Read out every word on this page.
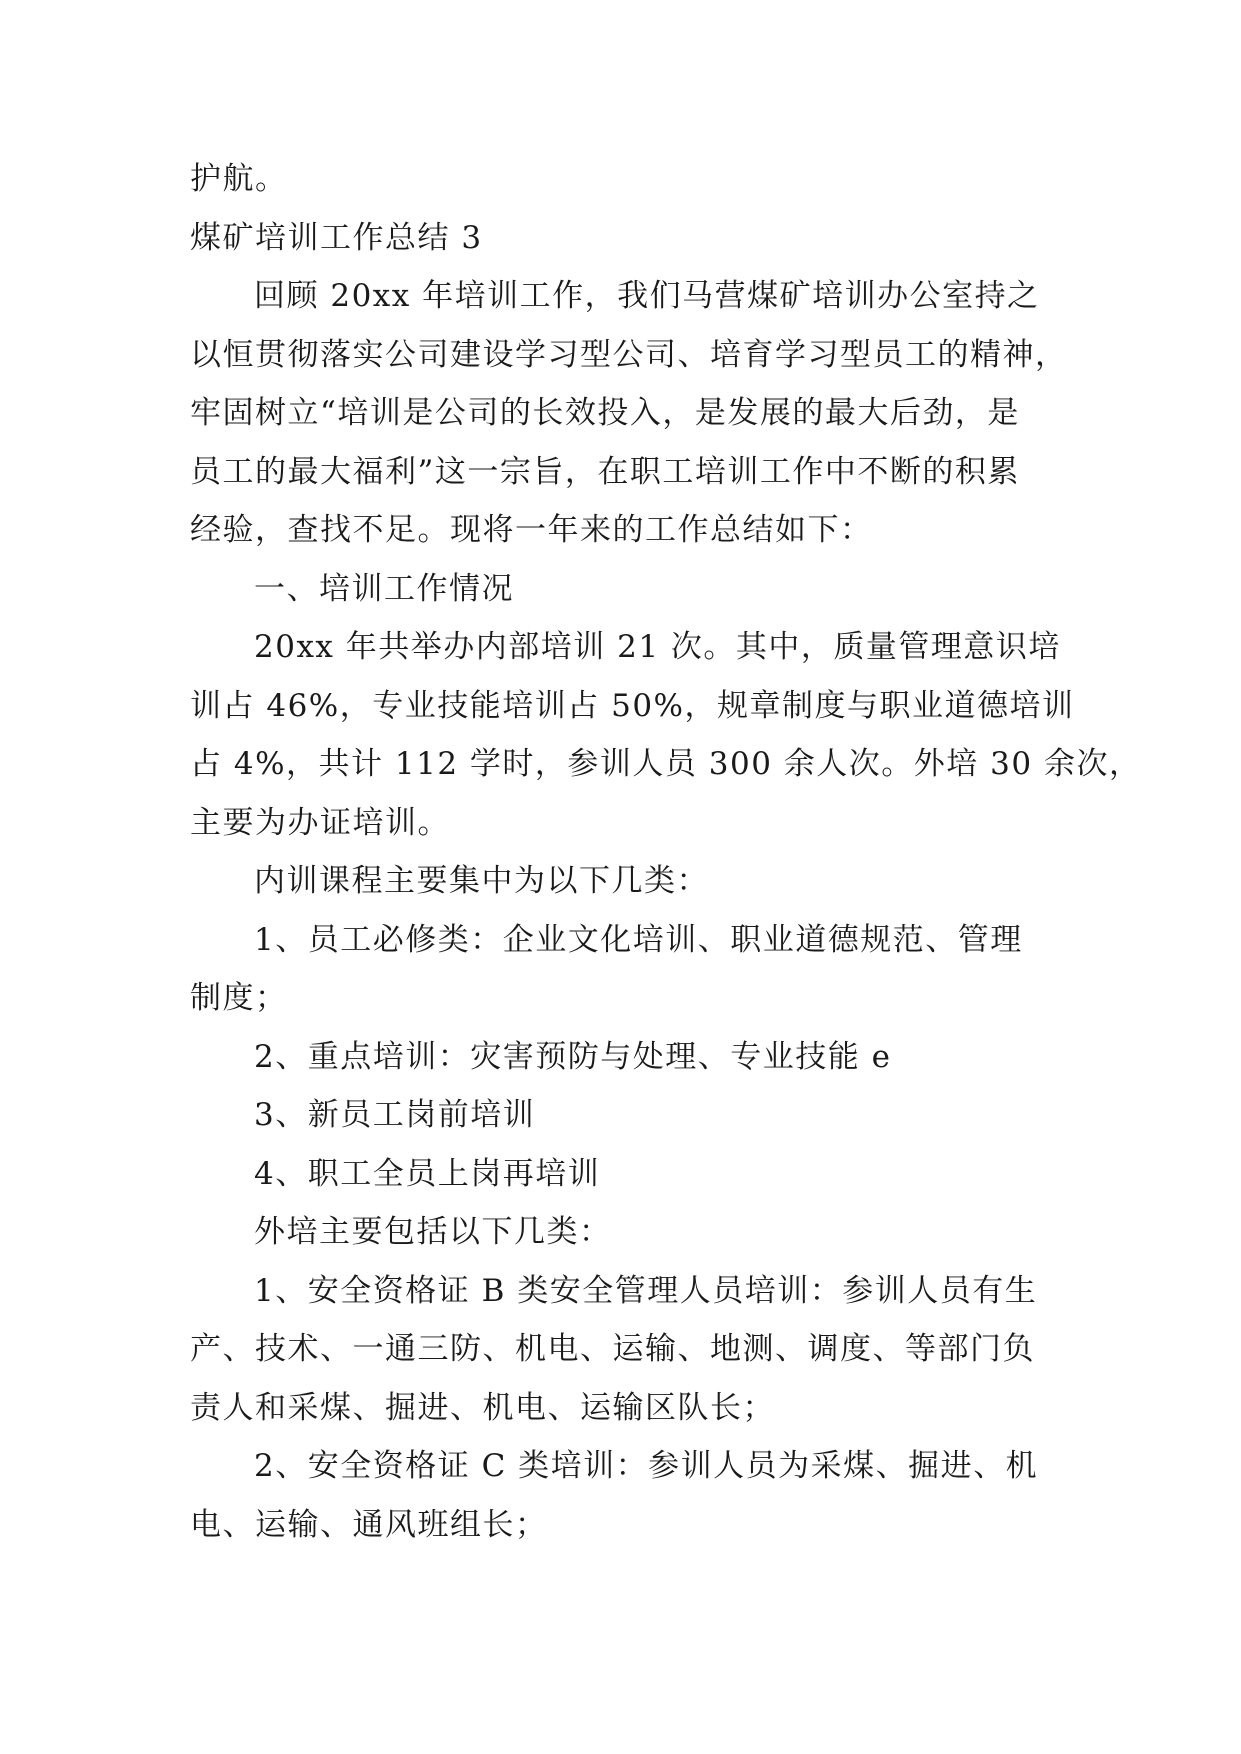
护航。

煤矿培训工作总结 3

回顾 20xx 年培训工作，我们马营煤矿培训办公室持之

以恒贯彻落实公司建设学习型公司、培育学习型员工的精神，

牢固树立“培训是公司的长效投入，是发展的最大后劲，是

员工的最大福利”这一宗旨，在职工培训工作中不断的积累

经验，查找不足。现将一年来的工作总结如下：

一、培训工作情况

20xx 年共举办内部培训 21 次。其中，质量管理意识培

训占 46%，专业技能培训占 50%，规章制度与职业道德培训

占 4%，共计 112 学时，参训人员 300 余人次。外培 30 余次，

主要为办证培训。

内训课程主要集中为以下几类：

1、员工必修类：企业文化培训、职业道德规范、管理

制度；

2、重点培训：灾害预防与处理、专业技能 e

3、新员工岗前培训

4、职工全员上岗再培训

外培主要包括以下几类：

1、安全资格证 B 类安全管理人员培训：参训人员有生

产、技术、一通三防、机电、运输、地测、调度、等部门负

责人和采煤、掘进、机电、运输区队长；

2、安全资格证 C 类培训：参训人员为采煤、掘进、机

电、运输、通风班组长；
